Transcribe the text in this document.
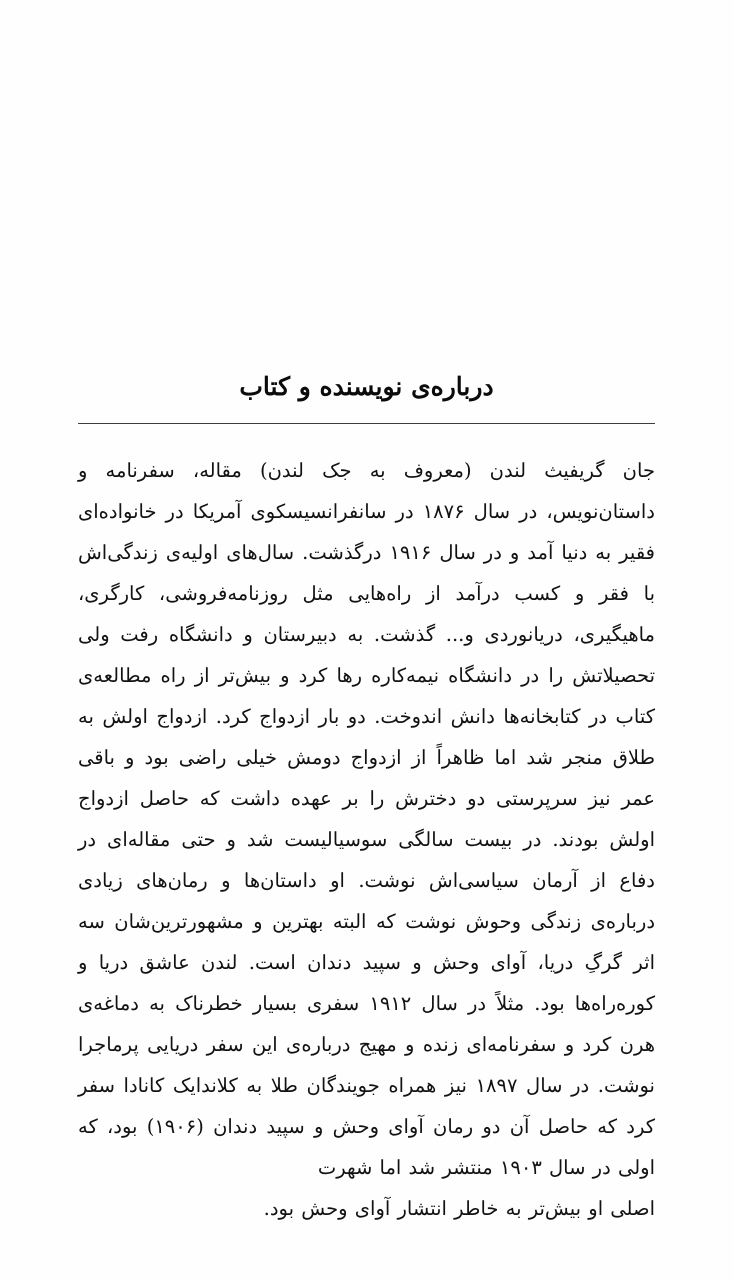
درباره‌ی نویسنده و کتاب

جان گریفیث لندن (معروف به جک لندن) مقاله، سفرنامه و داستان‌نویس، در سال ۱۸۷۶ در سانفرانسیسکوی آمریکا در خانواده‌ای فقیر به دنیا آمد و در سال ۱۹۱۶ درگذشت. سال‌های اولیه‌ی زندگی‌اش با فقر و کسب درآمد از راه‌هایی مثل روزنامه‌فروشی، کارگری، ماهیگیری، دریانوردی و... گذشت. به دبیرستان و دانشگاه رفت ولی تحصیلاتش را در دانشگاه نیمه‌کاره رها کرد و بیش‌تر از راه مطالعه‌ی کتاب در کتابخانه‌ها دانش اندوخت. دو بار ازدواج کرد. ازدواج اولش به طلاق منجر شد اما ظاهراً از ازدواج دومش خیلی راضی بود و باقی عمر نیز سرپرستی دو دخترش را بر عهده داشت که حاصل ازدواج اولش بودند. در بیست سالگی سوسیالیست شد و حتی مقاله‌ای در دفاع از آرمان سیاسی‌اش نوشت. او داستان‌ها و رمان‌های زیادی درباره‌ی زندگی وحوش نوشت که البته بهترین و مشهورترین‌شان سه اثر گرگِ دریا، آوای وحش و سپید دندان است. لندن عاشق دریا و کوره‌راه‌ها بود. مثلاً در سال ۱۹۱۲ سفری بسیار خطرناک به دماغه‌ی هرن کرد و سفرنامه‌ای زنده و مهیج درباره‌ی این سفر دریایی پرماجرا نوشت. در سال ۱۸۹۷ نیز همراه جویندگان طلا به کلاندایک کانادا سفر کرد که حاصل آن دو رمان آوای وحش و سپید دندان (۱۹۰۶) بود، که اولی در سال ۱۹۰۳ منتشر شد اما شهرت

اصلی او بیش‌تر به خاطر انتشار آوای وحش بود.
